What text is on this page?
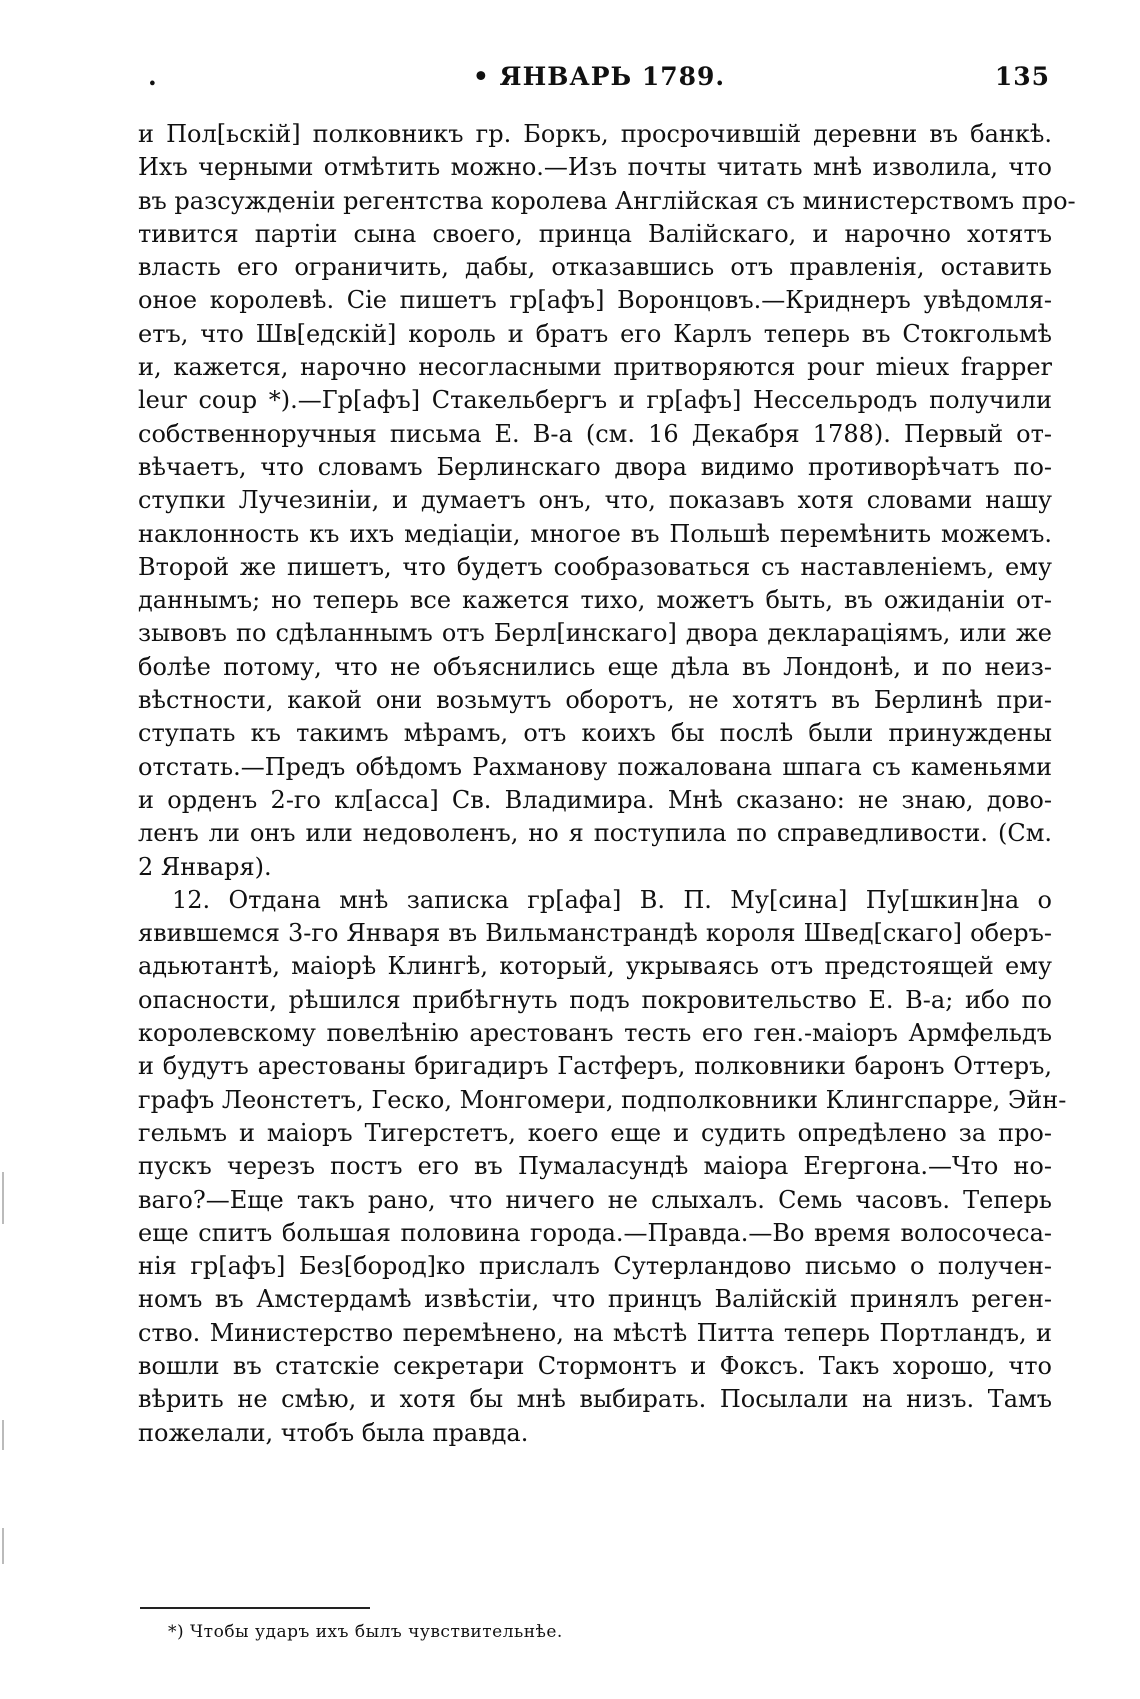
.	• ЯНВАРЬ 1789.	135
и Пол[ьскій] полковникъ гр. Боркъ, просрочившій деревни въ банкѣ.
Ихъ черными отмѣтить можно.—Изъ почты читать мнѣ изволила, что
въ разсужденіи регентства королева Англійская съ министерствомъ про-
тивится партіи сына своего, принца Валійскаго, и нарочно хотятъ
власть его ограничить, дабы, отказавшись отъ правленія, оставить
оное королевѣ. Сіе пишетъ гр[афъ] Воронцовъ.—Криднеръ увѣдомля-
етъ, что Шв[едскій] король и братъ его Карлъ теперь въ Стокгольмѣ
и, кажется, нарочно несогласными притворяются pour mieux frapper
leur coup *).—Гр[афъ] Стакельбергъ и гр[афъ] Нессельродъ получили
собственноручныя письма Е. В-а (см. 16 Декабря 1788). Первый от-
вѣчаетъ, что словамъ Берлинскаго двора видимо противорѣчатъ по-
ступки Лучезиніи, и думаетъ онъ, что, показавъ хотя словами нашу
наклонность къ ихъ медіаціи, многое въ Польшѣ перемѣнить можемъ.
Второй же пишетъ, что будетъ сообразоваться съ наставленіемъ, ему
даннымъ; но теперь все кажется тихо, можетъ быть, въ ожиданіи от-
зывовъ по сдѣланнымъ отъ Берл[инскаго] двора декларацiямъ, или же
болѣе потому, что не объяснились еще дѣла въ Лондонѣ, и по неиз-
вѣстности, какой они возьмутъ оборотъ, не хотятъ въ Берлинѣ при-
ступать къ такимъ мѣрамъ, отъ коихъ бы послѣ были принуждены
отстать.—Предъ обѣдомъ Рахманову пожалована шпага съ каменьями
и орденъ 2-го кл[асса] Св. Владимира. Мнѣ сказано: не знаю, дово-
ленъ ли онъ или недоволенъ, но я поступила по справедливости. (См.
2 Января).
12. Отдана мнѣ записка гр[афа] В. П. Му[сина] Пу[шкин]на о
явившемся 3-го Января въ Вильманстрандѣ короля Швед[скаго] оберъ-
адьютантѣ, маіорѣ Клингѣ, который, укрываясь отъ предстоящей ему
опасности, рѣшился прибѣгнуть подъ покровительство Е. В-а; ибо по
королевскому повелѣнію арестованъ тесть его ген.-маіоръ Армфельдъ
и будутъ арестованы бригадиръ Гастферъ, полковники баронъ Оттеръ,
графъ Леонстетъ, Геско, Монгомери, подполковники Клингспарре, Эйн-
гельмъ и маіоръ Тигерстетъ, коего еще и судить опредѣлено за про-
пускъ черезъ постъ его въ Пумаласундѣ маіора Егергона.—Что но-
ваго?—Еще такъ рано, что ничего не слыхалъ. Семь часовъ. Теперь
еще спитъ большая половина города.—Правда.—Во время волосочеса-
нія гр[афъ] Без[бород]ко прислалъ Сутерландово письмо о получен-
номъ въ Амстердамѣ извѣстіи, что принцъ Валійскій принялъ реген-
ство. Министерство перемѣнено, на мѣстѣ Питта теперь Портландъ, и
вошли въ статскіе секретари Стормонтъ и Фоксъ. Такъ хорошо, что
вѣрить не смѣю, и хотя бы мнѣ выбирать. Посылали на низъ. Тамъ
пожелали, чтобъ была правда.
*) Чтобы ударъ ихъ былъ чувствительнѣе.
